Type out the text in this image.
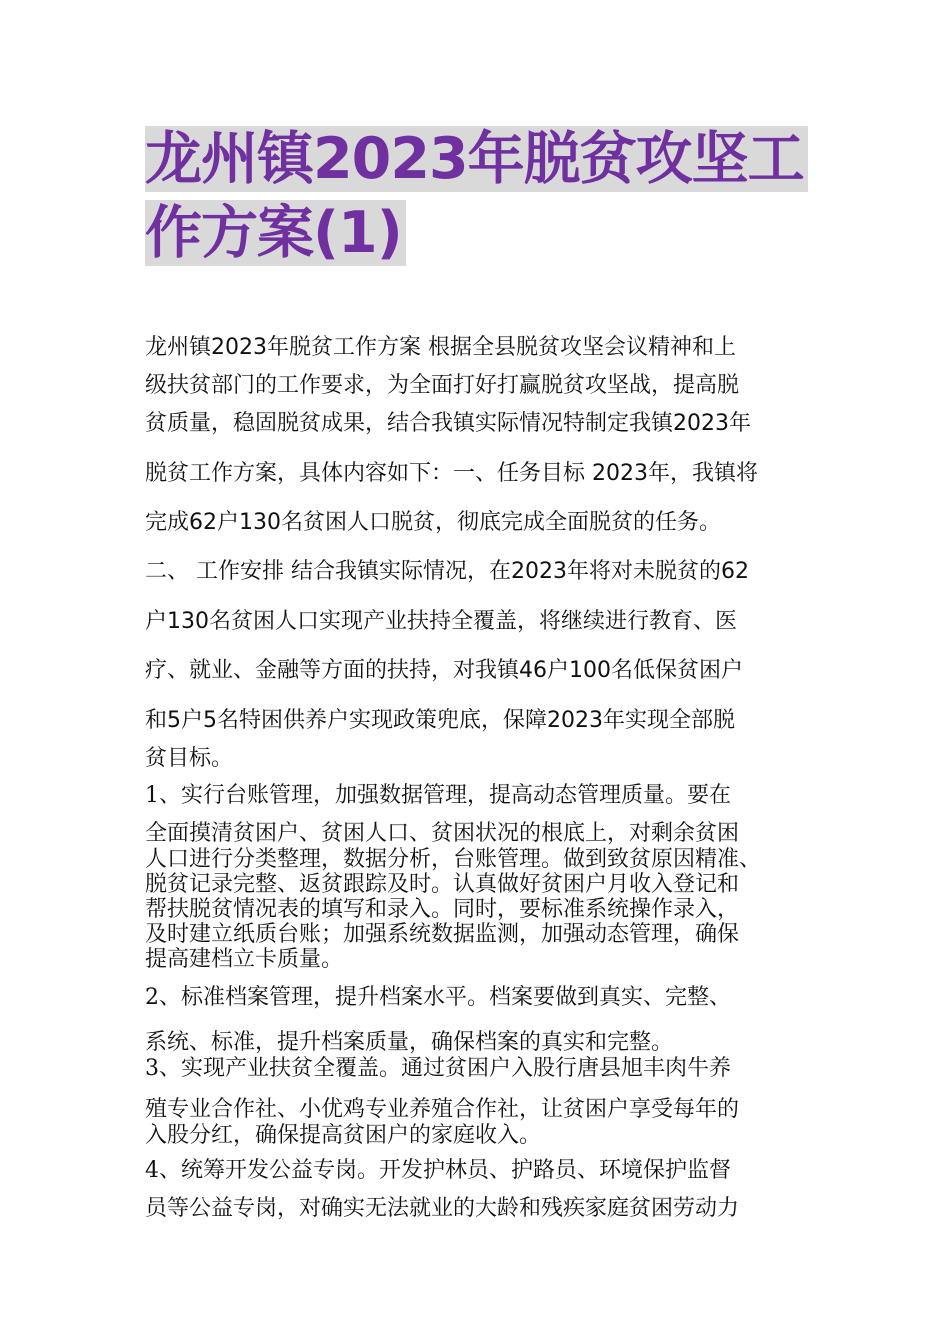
龙州镇2023年脱贫攻坚工
作方案(1)
龙州镇2023年脱贫工作方案 根据全县脱贫攻坚会议精神和上
级扶贫部门的工作要求，为全面打好打赢脱贫攻坚战，提高脱
贫质量，稳固脱贫成果，结合我镇实际情况特制定我镇2023年
脱贫工作方案，具体内容如下：一、任务目标 2023年，我镇将
完成62户130名贫困人口脱贫，彻底完成全面脱贫的任务。
二、 工作安排 结合我镇实际情况，在2023年将对未脱贫的62
户130名贫困人口实现产业扶持全覆盖，将继续进行教育、医
疗、就业、金融等方面的扶持，对我镇46户100名低保贫困户
和5户5名特困供养户实现政策兜底，保障2023年实现全部脱
贫目标。
1、实行台账管理，加强数据管理，提高动态管理质量。要在
全面摸清贫困户、贫困人口、贫困状况的根底上，对剩余贫困
人口进行分类整理，数据分析，台账管理。做到致贫原因精准、
脱贫记录完整、返贫跟踪及时。认真做好贫困户月收入登记和
帮扶脱贫情况表的填写和录入。同时，要标准系统操作录入，
及时建立纸质台账；加强系统数据监测，加强动态管理，确保
提高建档立卡质量。
2、标准档案管理，提升档案水平。档案要做到真实、完整、
系统、标准，提升档案质量，确保档案的真实和完整。
3、实现产业扶贫全覆盖。通过贫困户入股行唐县旭丰肉牛养
殖专业合作社、小优鸡专业养殖合作社，让贫困户享受每年的
入股分红，确保提高贫困户的家庭收入。
4、统筹开发公益专岗。开发护林员、护路员、环境保护监督
员等公益专岗，对确实无法就业的大龄和残疾家庭贫困劳动力
